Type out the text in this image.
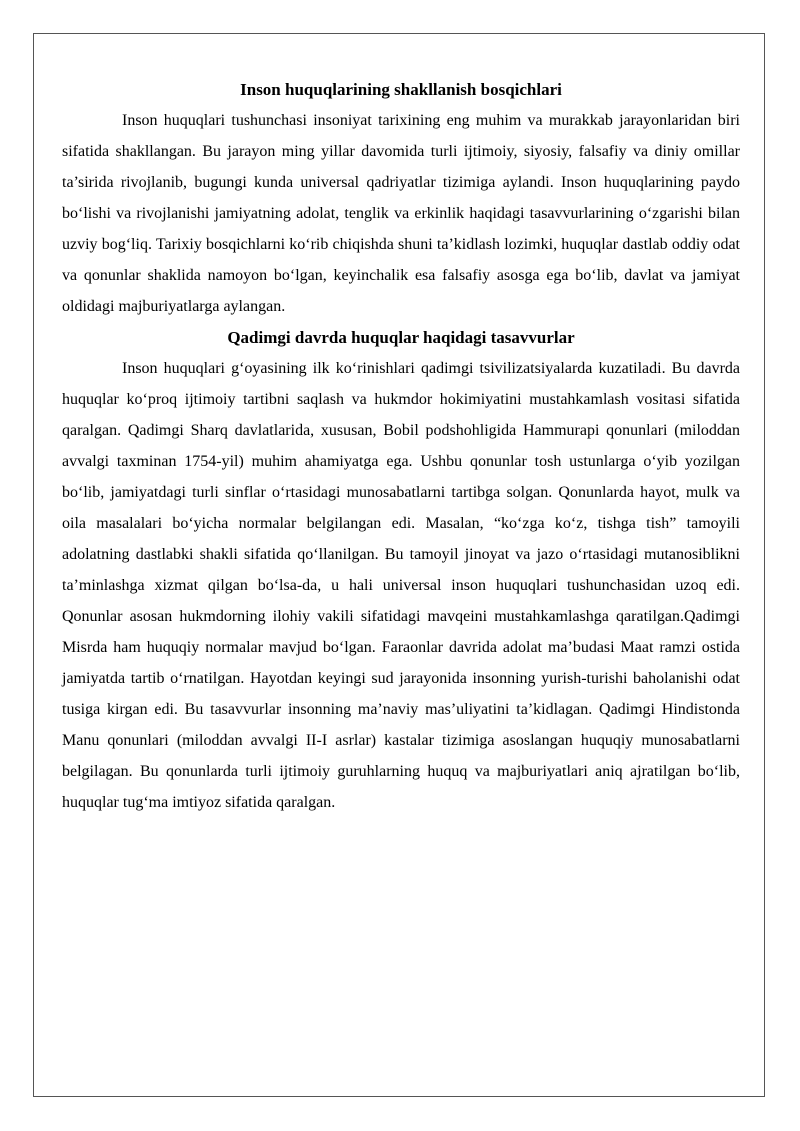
Inson huquqlarining shakllanish bosqichlari

Inson huquqlari tushunchasi insoniyat tarixining eng muhim va murakkab jarayonlaridan biri sifatida shakllangan. Bu jarayon ming yillar davomida turli ijtimoiy, siyosiy, falsafiy va diniy omillar ta’sirida rivojlanib, bugungi kunda universal qadriyatlar tizimiga aylandi. Inson huquqlarining paydo bo‘lishi va rivojlanishi jamiyatning adolat, tenglik va erkinlik haqidagi tasavvurlarining o‘zgarishi bilan uzviy bog‘liq. Tarixiy bosqichlarni ko‘rib chiqishda shuni ta’kidlash lozimki, huquqlar dastlab oddiy odat va qonunlar shaklida namoyon bo‘lgan, keyinchalik esa falsafiy asosga ega bo‘lib, davlat va jamiyat oldidagi majburiyatlarga aylangan.

Qadimgi davrda huquqlar haqidagi tasavvurlar

Inson huquqlari g‘oyasining ilk ko‘rinishlari qadimgi tsivilizatsiyalarda kuzatiladi. Bu davrda huquqlar ko‘proq ijtimoiy tartibni saqlash va hukmdor hokimiyatini mustahkamlash vositasi sifatida qaralgan. Qadimgi Sharq davlatlarida, xususan, Bobil podshohligida Hammurapi qonunlari (miloddan avvalgi taxminan 1754-yil) muhim ahamiyatga ega. Ushbu qonunlar tosh ustunlarga o‘yib yozilgan bo‘lib, jamiyatdagi turli sinflar o‘rtasidagi munosabatlarni tartibga solgan. Qonunlarda hayot, mulk va oila masalalari bo‘yicha normalar belgilangan edi. Masalan, “ko‘zga ko‘z, tishga tish” tamoyili adolatning dastlabki shakli sifatida qo‘llanilgan. Bu tamoyil jinoyat va jazo o‘rtasidagi mutanosiblikni ta’minlashga xizmat qilgan bo‘lsa-da, u hali universal inson huquqlari tushunchasidan uzoq edi. Qonunlar asosan hukmdorning ilohiy vakili sifatidagi mavqeini mustahkamlashga qaratilgan.Qadimgi Misrda ham huquqiy normalar mavjud bo‘lgan. Faraonlar davrida adolat ma’budasi Maat ramzi ostida jamiyatda tartib o‘rnatilgan. Hayotdan keyingi sud jarayonida insonning yurish-turishi baholanishi odat tusiga kirgan edi. Bu tasavvurlar insonning ma’naviy mas’uliyatini ta’kidlagan. Qadimgi Hindistonda Manu qonunlari (miloddan avvalgi II-I asrlar) kastalar tizimiga asoslangan huquqiy munosabatlarni belgilagan. Bu qonunlarda turli ijtimoiy guruhlarning huquq va majburiyatlari aniq ajratilgan bo‘lib, huquqlar tug‘ma imtiyoz sifatida qaralgan.
